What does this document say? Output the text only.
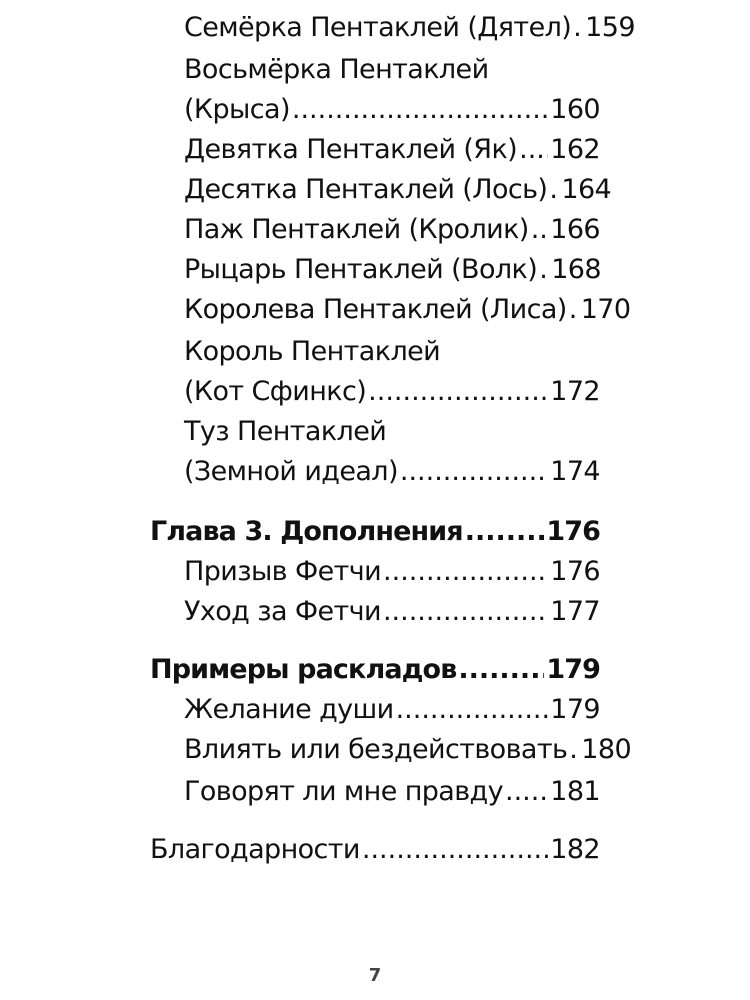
Семёрка Пентаклей (Дятел) ..... 159
Восьмёрка Пентаклей
(Крыса) .....	160
Девятка Пентаклей (Як) ..... 162
Десятка Пентаклей (Лось) ..... 164
Паж Пентаклей (Кролик) ..... 166
Рыцарь Пентаклей (Волк) ..... 168
Королева Пентаклей (Лиса) ..... 170
Король Пентаклей
(Кот Сфинкс) .....	172
Туз Пентаклей
(Земной идеал) .....	174
Глава 3. Дополнения .....	176
Призыв Фетчи .....	176
Уход за Фетчи .....	177
Примеры раскладов .....	179
Желание души .....	179
Влиять или бездействовать ..... 180
Говорят ли мне правду ..... 181
Благодарности .....	182
7
